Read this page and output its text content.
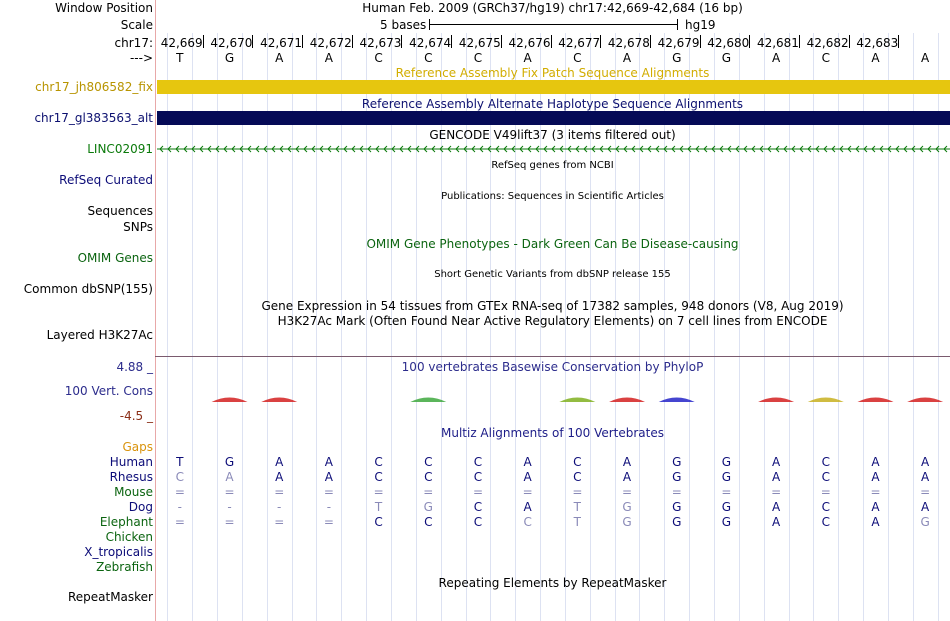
Window Position	Human Feb. 2009 (GRCh37/hg19) chr17:42,669-42,684 (16 bp)
Scale	5 bases	hg19
chr17: 42,669 42,670 42,671 42,672 42,673 42,674 42,675 42,676 42,677 42,678 42,679 42,680 42,681 42,682 42,683
--->	T	G	A	A	C	C	C	A	C	A	G	G	A	C	A	A
Reference Assembly Fix Patch Sequence Alignments
chr17_jh806582_fix
Reference Assembly Alternate Haplotype Sequence Alignments
chr17_gl383563_alt
GENCODE V49lift37 (3 items filtered out)
LINC02091
RefSeq genes from NCBI
RefSeq Curated
Publications: Sequences in Scientific Articles
Sequences
SNPs
OMIM Gene Phenotypes - Dark Green Can Be Disease-causing
OMIM Genes
Short Genetic Variants from dbSNP release 155
Common dbSNP(155)
Gene Expression in 54 tissues from GTEx RNA-seq of 17382 samples, 948 donors (V8, Aug 2019)
H3K27Ac Mark (Often Found Near Active Regulatory Elements) on 7 cell lines from ENCODE
Layered H3K27Ac
100 vertebrates Basewise Conservation by PhyloP
4.88 _
100 Vert. Cons
-4.5 _
Multiz Alignments of 100 Vertebrates
Gaps
Human	T	G	A	A	C	C	C	A	C	A	G	G	A	C	A	A
Rhesus	C	A	A	A	C	C	C	A	C	A	G	G	A	C	A	A
Mouse	=	=	=	=	=	=	=	=	=	=	=	=	=	=	=	=
Dog	-	-	-	-	T	G	C	A	T	G	G	G	A	C	A	A
Elephant	=	=	=	=	C	C	C	C	T	G	G	G	A	C	A	G
Chicken
X_tropicalis
Zebrafish
Repeating Elements by RepeatMasker
RepeatMasker
